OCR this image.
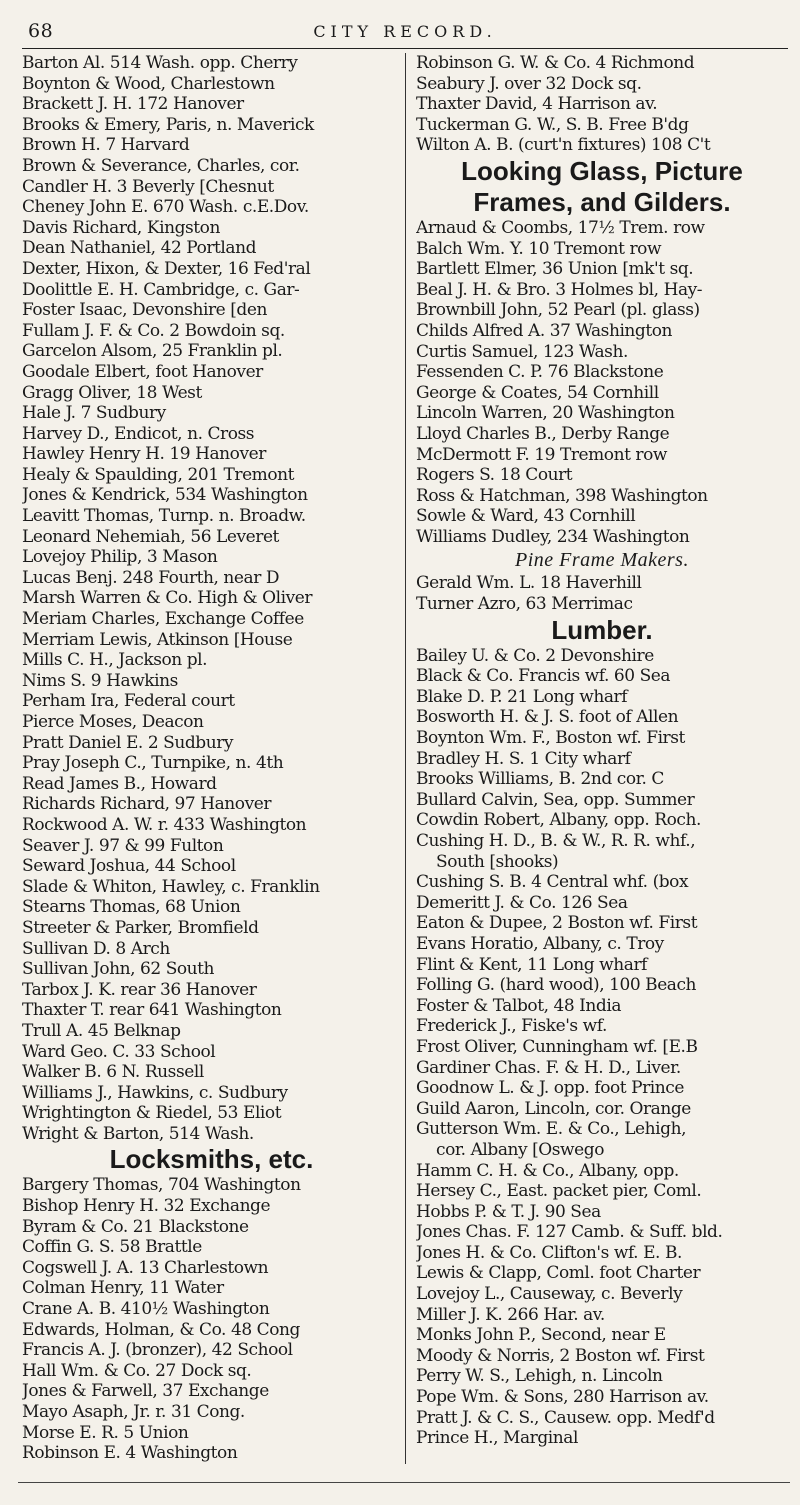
68	CITY RECORD.
Barton Al. 514 Wash. opp. Cherry
Boynton & Wood, Charlestown
Brackett J. H. 172 Hanover
Brooks & Emery, Paris, n. Maverick
Brown H. 7 Harvard
Brown & Severance, Charles, cor.
Candler H. 3 Beverly [Chesnut
Cheney John E. 670 Wash. c.E.Dov.
Davis Richard, Kingston
Dean Nathaniel, 42 Portland
Dexter, Hixon, & Dexter, 16 Fed'ral
Doolittle E. H. Cambridge, c. Gar-
Foster Isaac, Devonshire [den
Fullam J. F. & Co. 2 Bowdoin sq.
Garcelon Alsom, 25 Franklin pl.
Goodale Elbert, foot Hanover
Gragg Oliver, 18 West
Hale J. 7 Sudbury
Harvey D., Endicot, n. Cross
Hawley Henry H. 19 Hanover
Healy & Spaulding, 201 Tremont
Jones & Kendrick, 534 Washington
Leavitt Thomas, Turnp. n. Broadw.
Leonard Nehemiah, 56 Leveret
Lovejoy Philip, 3 Mason
Lucas Benj. 248 Fourth, near D
Marsh Warren & Co. High & Oliver
Meriam Charles, Exchange Coffee
Merriam Lewis, Atkinson [House
Mills C. H., Jackson pl.
Nims S. 9 Hawkins
Perham Ira, Federal court
Pierce Moses, Deacon
Pratt Daniel E. 2 Sudbury
Pray Joseph C., Turnpike, n. 4th
Read James B., Howard
Richards Richard, 97 Hanover
Rockwood A. W. r. 433 Washington
Seaver J. 97 & 99 Fulton
Seward Joshua, 44 School
Slade & Whiton, Hawley, c. Franklin
Stearns Thomas, 68 Union
Streeter & Parker, Bromfield
Sullivan D. 8 Arch
Sullivan John, 62 South
Tarbox J. K. rear 36 Hanover
Thaxter T. rear 641 Washington
Trull A. 45 Belknap
Ward Geo. C. 33 School
Walker B. 6 N. Russell
Williams J., Hawkins, c. Sudbury
Wrightington & Riedel, 53 Eliot
Wright & Barton, 514 Wash.
Locksmiths, etc.
Bargery Thomas, 704 Washington
Bishop Henry H. 32 Exchange
Byram & Co. 21 Blackstone
Coffin G. S. 58 Brattle
Cogswell J. A. 13 Charlestown
Colman Henry, 11 Water
Crane A. B. 410½ Washington
Edwards, Holman, & Co. 48 Cong
Francis A. J. (bronzer), 42 School
Hall Wm. & Co. 27 Dock sq.
Jones & Farwell, 37 Exchange
Mayo Asaph, Jr. r. 31 Cong.
Morse E. R. 5 Union
Robinson E. 4 Washington
Robinson G. W. & Co. 4 Richmond
Seabury J. over 32 Dock sq.
Thaxter David, 4 Harrison av.
Tuckerman G. W., S. B. Free B'dg
Wilton A. B. (curt'n fixtures) 108 C't
Looking Glass, Picture
Frames, and Gilders.
Arnaud & Coombs, 17½ Trem. row
Balch Wm. Y. 10 Tremont row
Bartlett Elmer, 36 Union [mk't sq.
Beal J. H. & Bro. 3 Holmes bl, Hay-
Brownbill John, 52 Pearl (pl. glass)
Childs Alfred A. 37 Washington
Curtis Samuel, 123 Wash.
Fessenden C. P. 76 Blackstone
George & Coates, 54 Cornhill
Lincoln Warren, 20 Washington
Lloyd Charles B., Derby Range
McDermott F. 19 Tremont row
Rogers S. 18 Court
Ross & Hatchman, 398 Washington
Sowle & Ward, 43 Cornhill
Williams Dudley, 234 Washington
Pine Frame Makers.
Gerald Wm. L. 18 Haverhill
Turner Azro, 63 Merrimac
Lumber.
Bailey U. & Co. 2 Devonshire
Black & Co. Francis wf. 60 Sea
Blake D. P. 21 Long wharf
Bosworth H. & J. S. foot of Allen
Boynton Wm. F., Boston wf. First
Bradley H. S. 1 City wharf
Brooks Williams, B. 2nd cor. C
Bullard Calvin, Sea, opp. Summer
Cowdin Robert, Albany, opp. Roch.
Cushing H. D., B. & W., R. R. whf.,
South [shooks)
Cushing S. B. 4 Central whf. (box
Demeritt J. & Co. 126 Sea
Eaton & Dupee, 2 Boston wf. First
Evans Horatio, Albany, c. Troy
Flint & Kent, 11 Long wharf
Folling G. (hard wood), 100 Beach
Foster & Talbot, 48 India
Frederick J., Fiske's wf.
Frost Oliver, Cunningham wf. [E.B
Gardiner Chas. F. & H. D., Liver.
Goodnow L. & J. opp. foot Prince
Guild Aaron, Lincoln, cor. Orange
Gutterson Wm. E. & Co., Lehigh,
cor. Albany [Oswego
Hamm C. H. & Co., Albany, opp.
Hersey C., East. packet pier, Coml.
Hobbs P. & T. J. 90 Sea
Jones Chas. F. 127 Camb. & Suff. bld.
Jones H. & Co. Clifton's wf. E. B.
Lewis & Clapp, Coml. foot Charter
Lovejoy L., Causeway, c. Beverly
Miller J. K. 266 Har. av.
Monks John P., Second, near E
Moody & Norris, 2 Boston wf. First
Perry W. S., Lehigh, n. Lincoln
Pope Wm. & Sons, 280 Harrison av.
Pratt J. & C. S., Causew. opp. Medf'd
Prince H., Marginal
